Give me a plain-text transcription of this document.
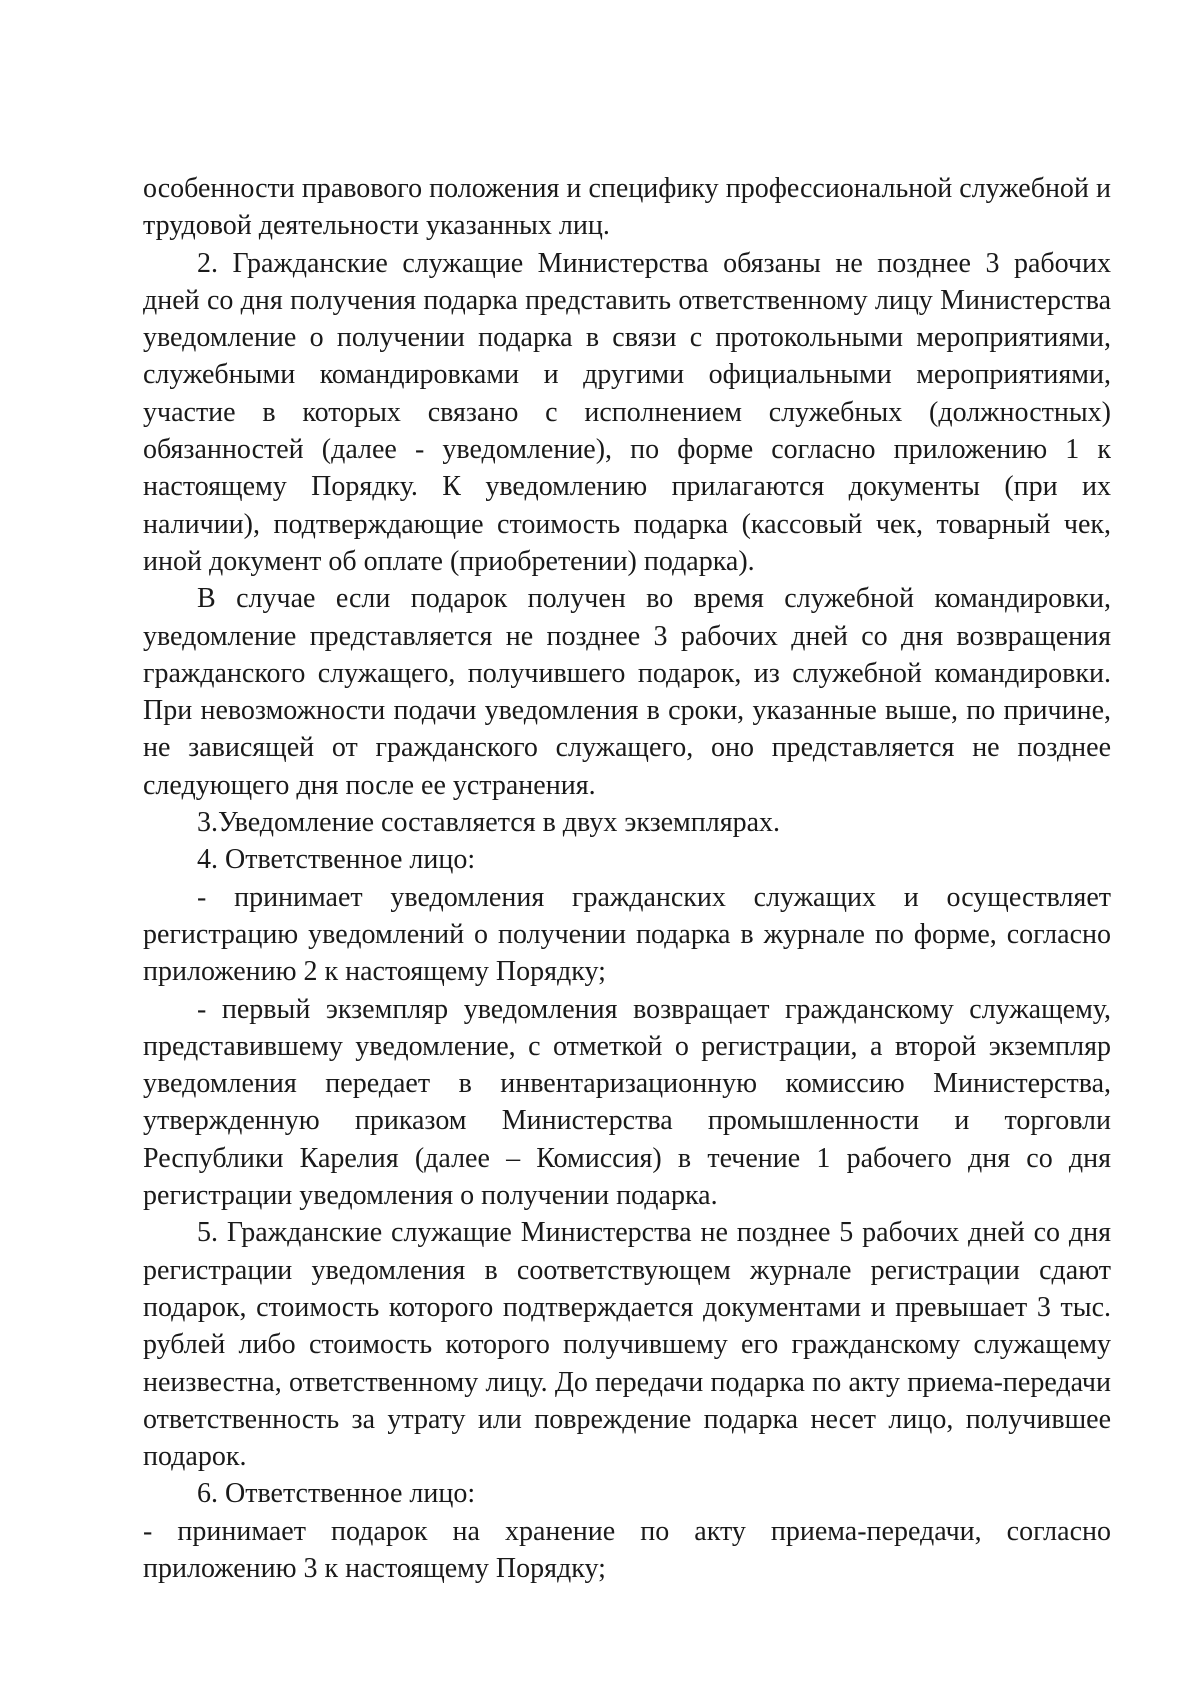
особенности правового положения и специфику профессиональной служебной и трудовой деятельности указанных лиц.

2. Гражданские служащие Министерства обязаны не позднее 3 рабочих дней со дня получения подарка представить ответственному лицу Министерства уведомление о получении подарка в связи с протокольными мероприятиями, служебными командировками и другими официальными мероприятиями, участие в которых связано с исполнением служебных (должностных) обязанностей (далее - уведомление), по форме согласно приложению 1 к настоящему Порядку. К уведомлению прилагаются документы (при их наличии), подтверждающие стоимость подарка (кассовый чек, товарный чек, иной документ об оплате (приобретении) подарка).

В случае если подарок получен во время служебной командировки, уведомление представляется не позднее 3 рабочих дней со дня возвращения гражданского служащего, получившего подарок, из служебной командировки. При невозможности подачи уведомления в сроки, указанные выше, по причине, не зависящей от гражданского служащего, оно представляется не позднее следующего дня после ее устранения.

3.Уведомление составляется в двух экземплярах.

4. Ответственное лицо:

- принимает уведомления гражданских служащих и осуществляет регистрацию уведомлений о получении подарка в журнале по форме, согласно приложению 2 к настоящему Порядку;

- первый экземпляр уведомления возвращает гражданскому служащему, представившему уведомление, с отметкой о регистрации, а второй экземпляр уведомления передает в инвентаризационную комиссию Министерства, утвержденную приказом Министерства промышленности и торговли Республики Карелия (далее – Комиссия) в течение 1 рабочего дня со дня регистрации уведомления о получении подарка.

5. Гражданские служащие Министерства не позднее 5 рабочих дней со дня регистрации уведомления в соответствующем журнале регистрации сдают подарок, стоимость которого подтверждается документами и превышает 3 тыс. рублей либо стоимость которого получившему его гражданскому служащему неизвестна, ответственному лицу. До передачи подарка по акту приема-передачи ответственность за утрату или повреждение подарка несет лицо, получившее подарок.

6. Ответственное лицо:

- принимает подарок на хранение по акту приема-передачи, согласно приложению 3 к настоящему Порядку;
